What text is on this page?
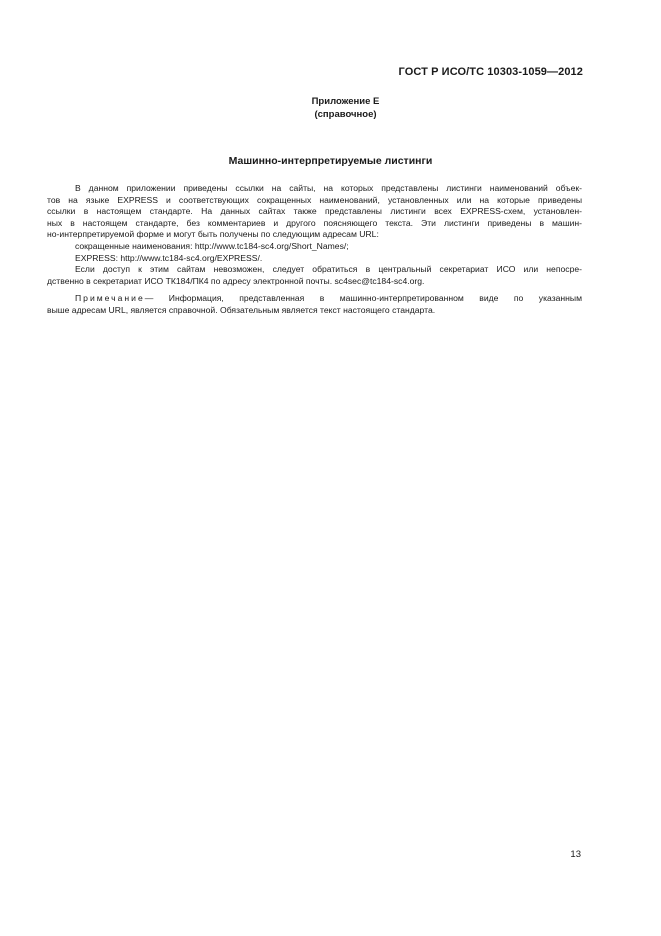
ГОСТ Р ИСО/ТС 10303-1059—2012
Приложение Е
(справочное)
Машинно-интерпретируемые листинги
В данном приложении приведены ссылки на сайты, на которых представлены листинги наименований объек-
тов на языке EXPRESS и соответствующих сокращенных наименований, установленных или на которые приведены
ссылки в настоящем стандарте. На данных сайтах также представлены листинги всех EXPRESS-схем, установлен-
ных в настоящем стандарте, без комментариев и другого поясняющего текста. Эти листинги приведены в машин-
но-интерпретируемой форме и могут быть получены по следующим адресам URL:
сокращенные наименования: http://www.tc184-sc4.org/Short_Names/;
EXPRESS: http://www.tc184-sc4.org/EXPRESS/.
Если доступ к этим сайтам невозможен, следует обратиться в центральный секретариат ИСО или непосре-
дственно в секретариат ИСО ТК184/ПК4 по адресу электронной почты. sc4sec@tc184-sc4.org.
Примечание— Информация, представленная в машинно-интерпретированном виде по указанным
выше адресам URL, является справочной. Обязательным является текст настоящего стандарта.
13
